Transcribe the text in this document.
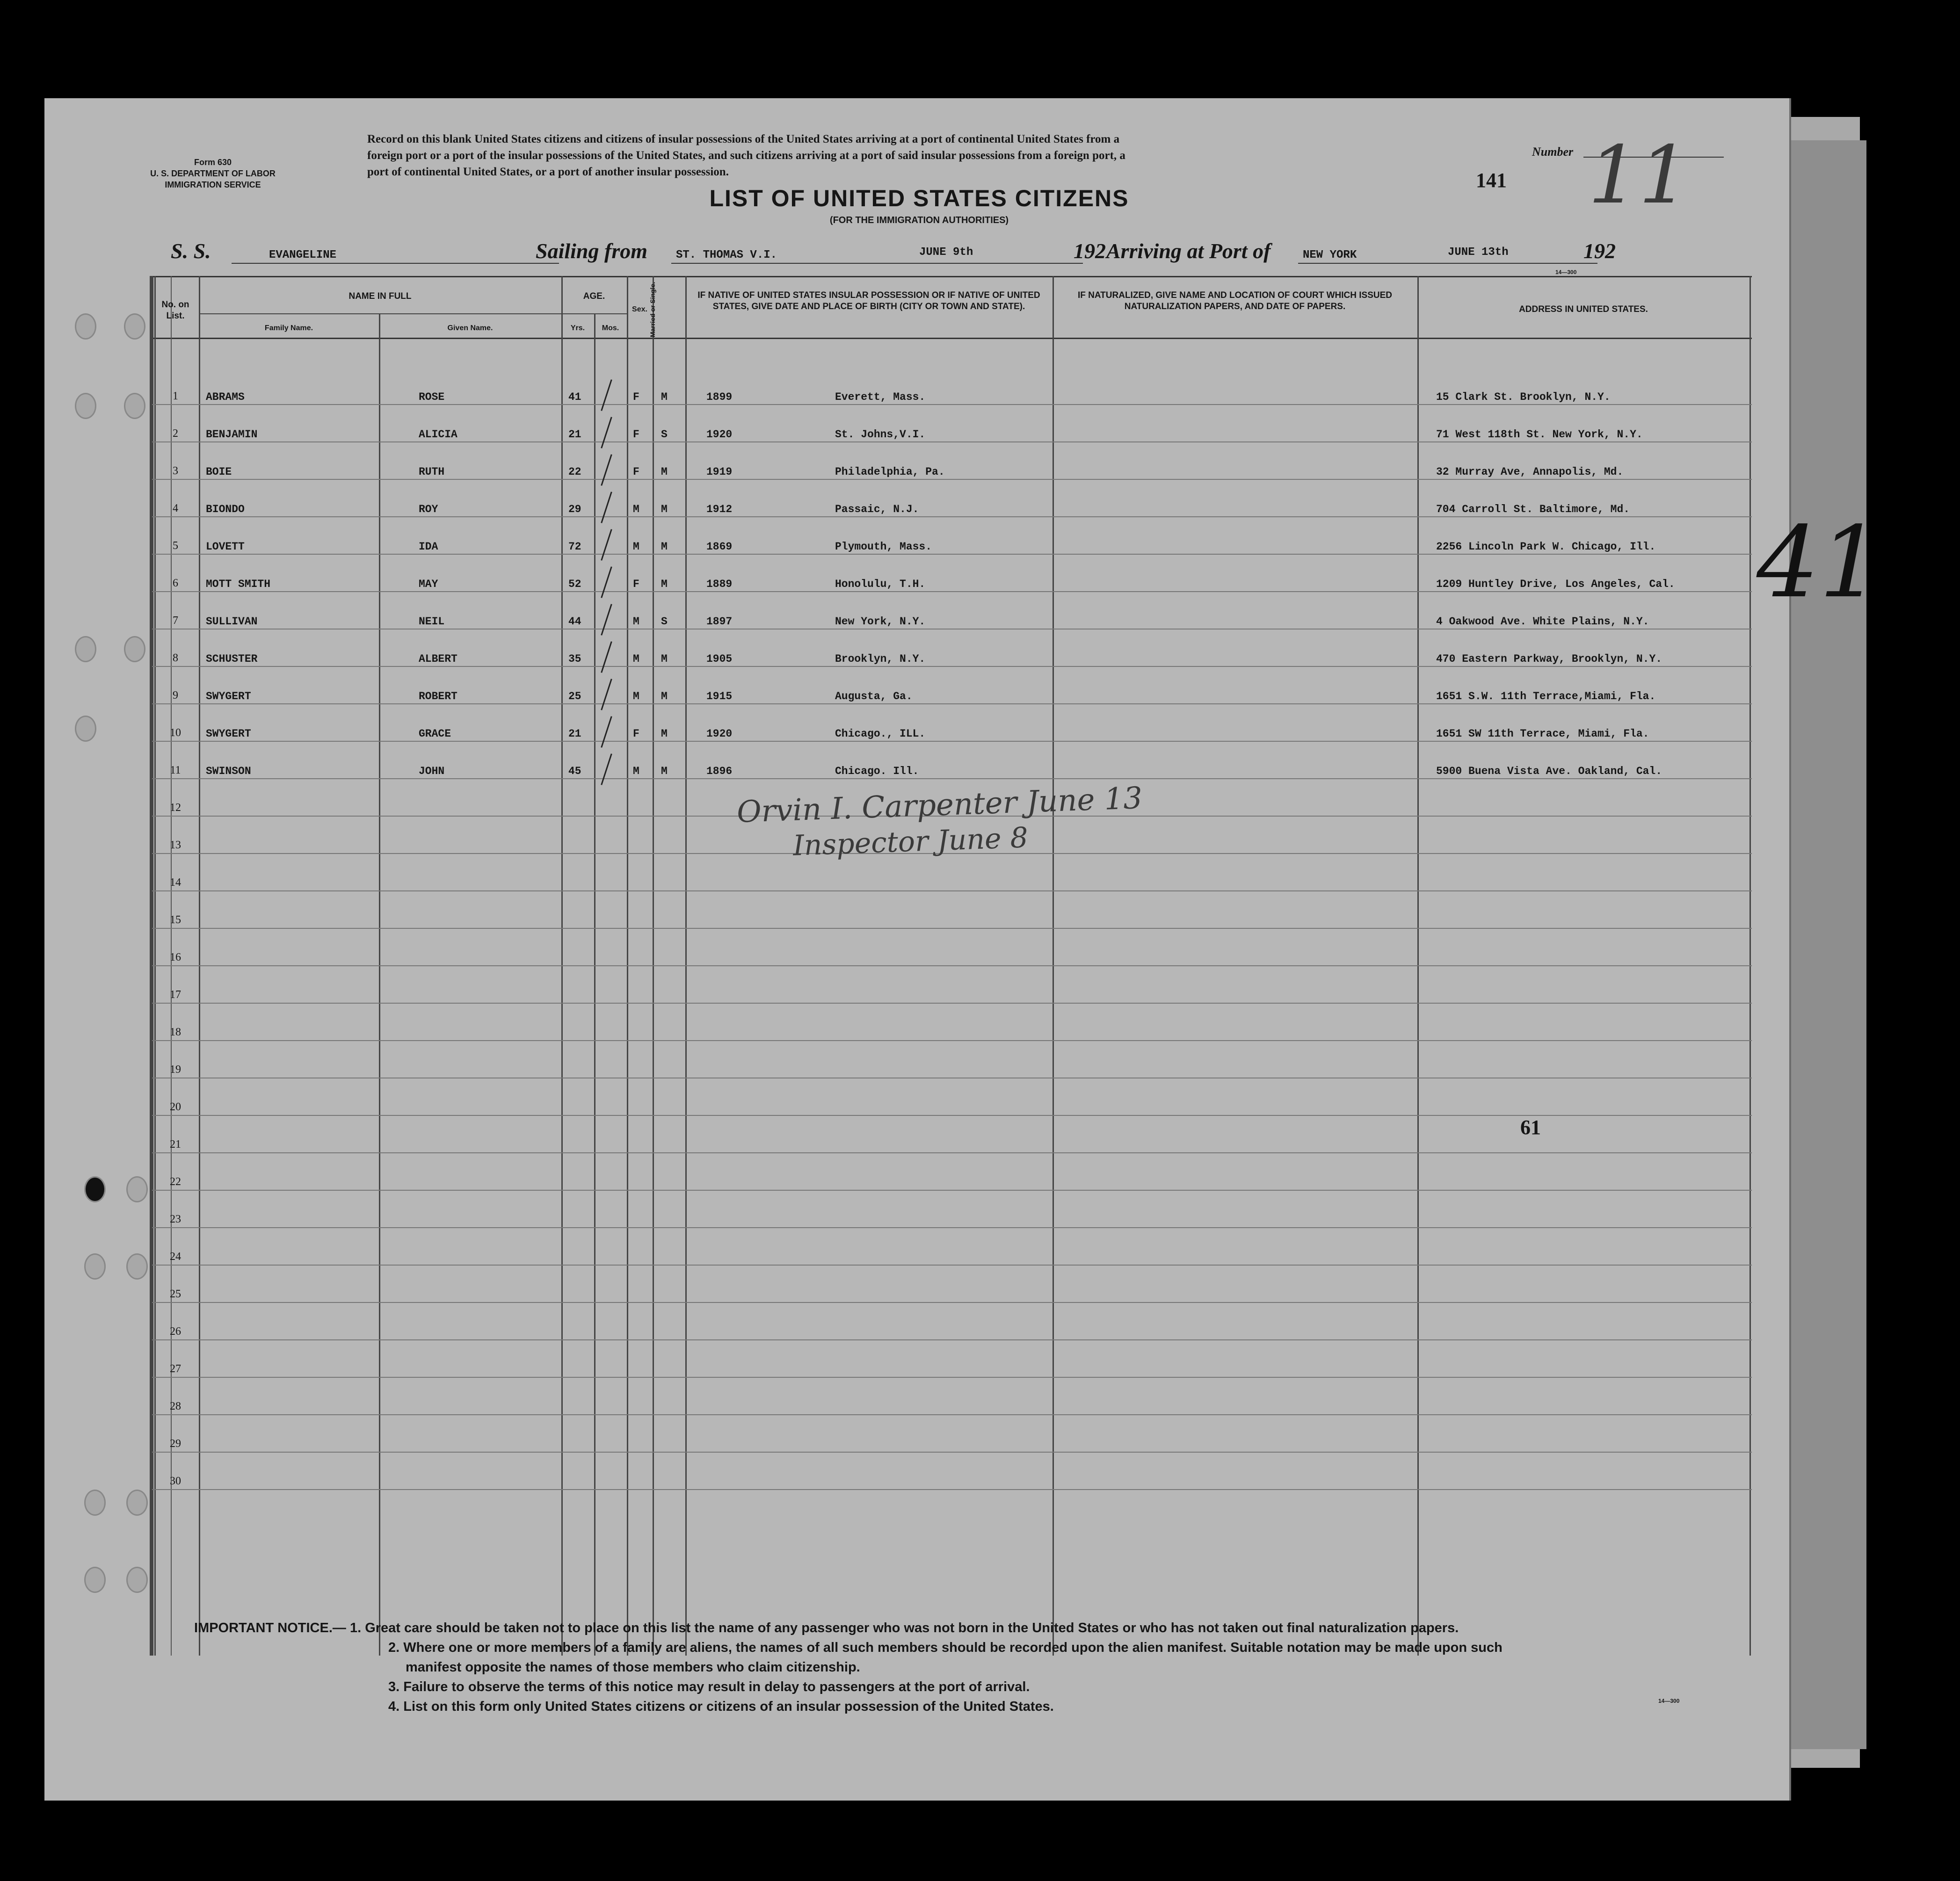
Form 630
U. S. DEPARTMENT OF LABOR
IMMIGRATION SERVICE
Record on this blank United States citizens and citizens of insular possessions of the United States arriving at a port of continental United States from a
foreign port or a port of the insular possessions of the United States, and such citizens arriving at a port of said insular possessions from a foreign port, a
port of continental United States, or a port of another insular possession.
Number
141 11
LIST OF UNITED STATES CITIZENS
(FOR THE IMMIGRATION AUTHORITIES)
S. S.	EVANGELINE	Sailing from	ST. THOMAS V.I.	JUNE 9th	192 Arriving at Port of	NEW YORK	JUNE 13th	192
14—300
No. on List.
NAME IN FULL
Family Name.	Given Name.
AGE.
Yrs.	Mos.
Sex. Married or Single.	IF NATIVE OF UNITED STATES INSULAR POSSESSION OR IF NATIVE OF UNITED STATES, GIVE DATE AND PLACE OF BIRTH (CITY OR TOWN AND STATE).
IF NATURALIZED, GIVE NAME AND LOCATION OF COURT WHICH ISSUED NATURALIZATION PAPERS, AND DATE OF PAPERS.	ADDRESS IN UNITED STATES.
1	ABRAMS	ROSE	41	F M	1899	Everett, Mass.	15 Clark St. Brooklyn, N.Y.
2	BENJAMIN	ALICIA	21	F S	1920	St. Johns,V.I.	71 West 118th St. New York, N.Y.
3	BOIE	RUTH	22	F M	1919	Philadelphia, Pa.	32 Murray Ave, Annapolis, Md.
4	BIONDO	ROY	29	M M	1912	Passaic, N.J.	704 Carroll St. Baltimore, Md.
5	LOVETT	IDA	72	M M	1869	Plymouth, Mass.	2256 Lincoln Park W. Chicago, Ill.
6	MOTT SMITH	MAY	52	F M	1889	Honolulu, T.H.	1209 Huntley Drive, Los Angeles, Cal.
7	SULLIVAN	NEIL	44	M S	1897	New York, N.Y.	4 Oakwood Ave. White Plains, N.Y.
8	SCHUSTER	ALBERT	35	M M	1905	Brooklyn, N.Y.	470 Eastern Parkway, Brooklyn, N.Y.
9	SWYGERT	ROBERT	25	M M	1915	Augusta, Ga.	1651 S.W. 11th Terrace,Miami, Fla.
10	SWYGERT	GRACE	21	F M	1920	Chicago., ILL.	1651 SW 11th Terrace, Miami, Fla.
11	SWINSON	JOHN	45	M M	1896	Chicago. Ill.	5900 Buena Vista Ave. Oakland, Cal.
12
13
14
15
16
17
18
19
20
21
22
23
24
25
26
27
28
29
30
Orvin I. Carpenter June 13
Inspector June 8
61
41
IMPORTANT NOTICE.— 1. Great care should be taken not to place on this list the name of any passenger who was not born in the United States or who has not taken out final naturalization papers.
2. Where one or more members of a family are aliens, the names of all such members should be recorded upon the alien manifest. Suitable notation may be made upon such
manifest opposite the names of those members who claim citizenship.
3. Failure to observe the terms of this notice may result in delay to passengers at the port of arrival.
4. List on this form only United States citizens or citizens of an insular possession of the United States.	14—300
